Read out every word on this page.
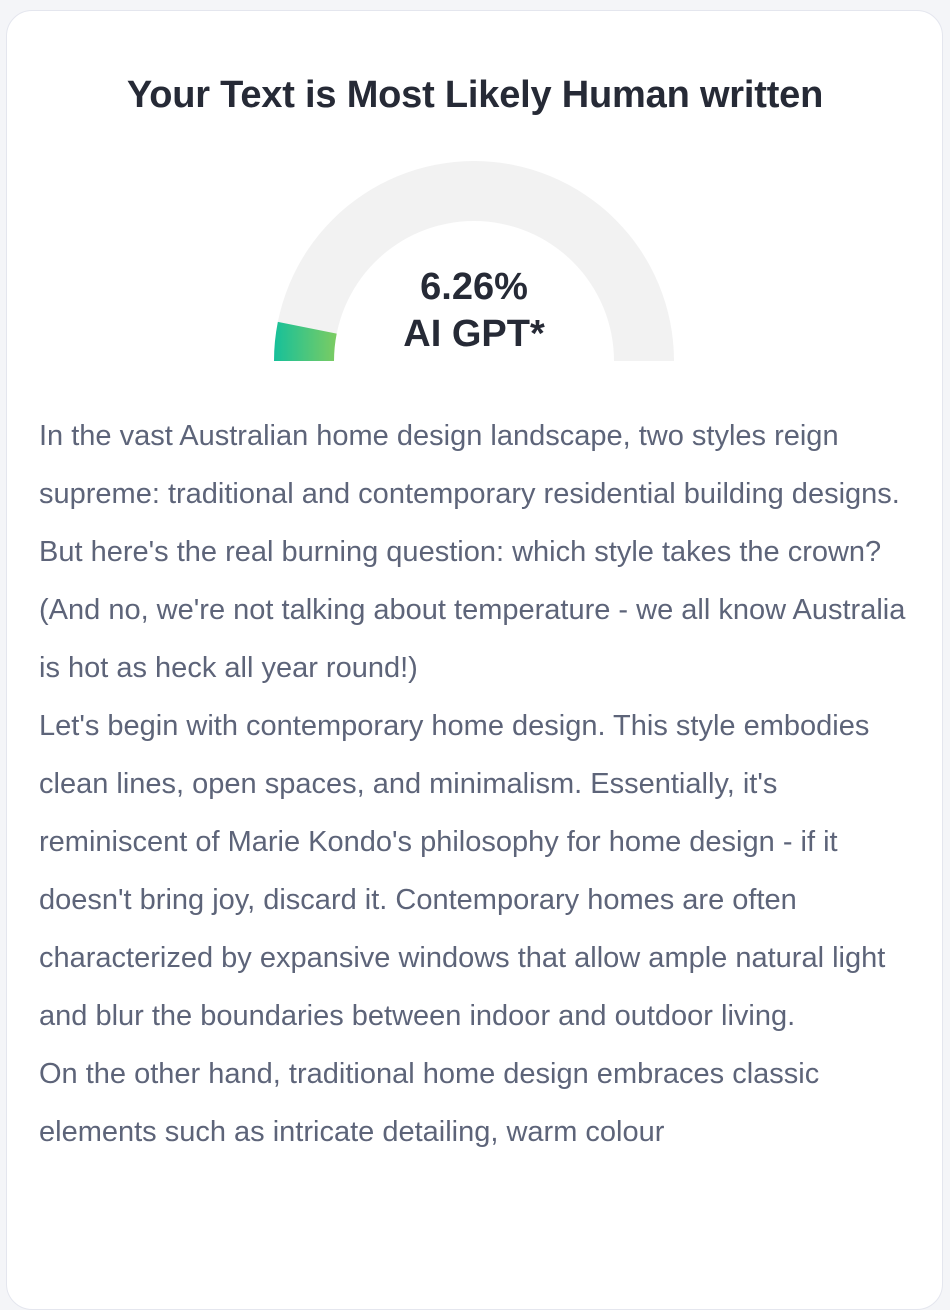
Your Text is Most Likely Human written
6.26%
AI GPT*

In the vast Australian home design landscape, two styles reign supreme: traditional and contemporary residential building designs. But here's the real burning question: which style takes the crown? (And no, we're not talking about temperature - we all know Australia is hot as heck all year round!)

Let's begin with contemporary home design. This style embodies clean lines, open spaces, and minimalism. Essentially, it's reminiscent of Marie Kondo's philosophy for home design - if it doesn't bring joy, discard it. Contemporary homes are often characterized by expansive windows that allow ample natural light and blur the boundaries between indoor and outdoor living.

On the other hand, traditional home design embraces classic elements such as intricate detailing, warm colour
